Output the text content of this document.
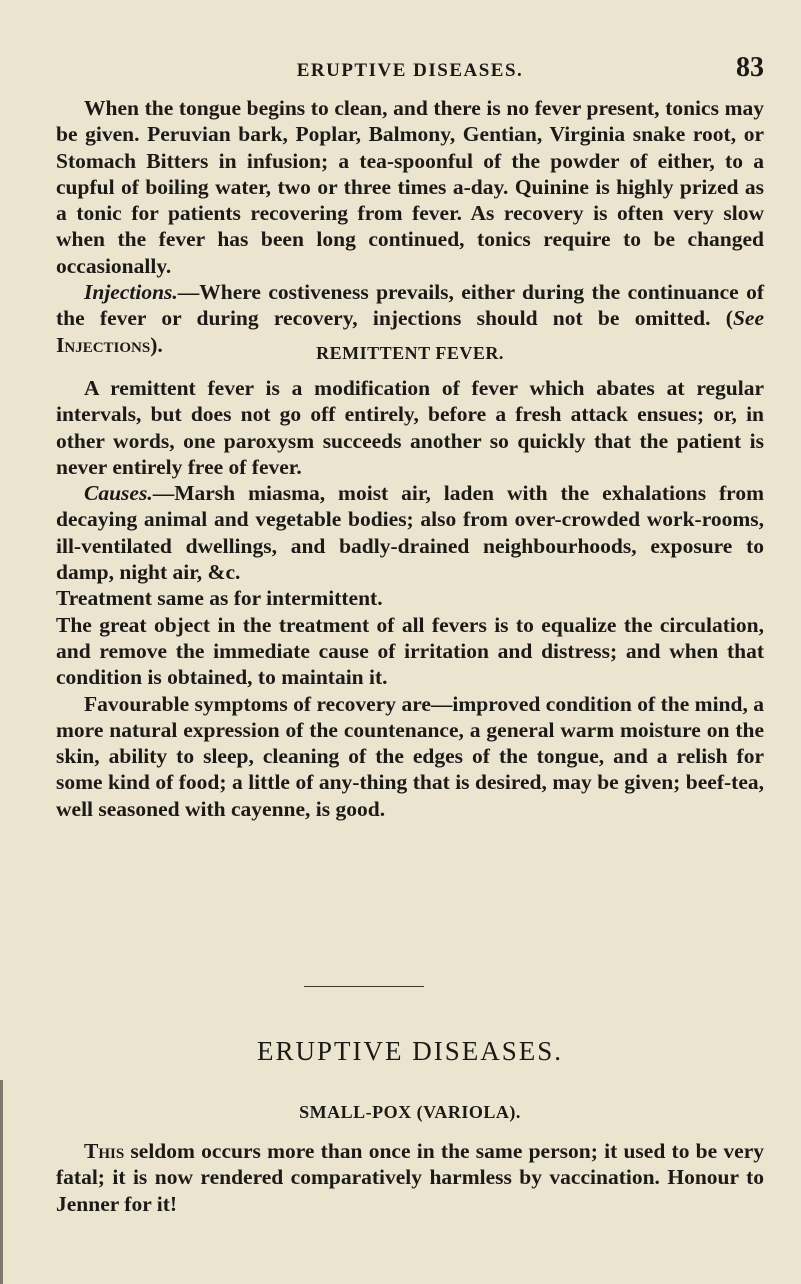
ERUPTIVE DISEASES.	83

When the tongue begins to clean, and there is no fever present, tonics may be given. Peruvian bark, Poplar, Balmony, Gentian, Virginia snake root, or Stomach Bitters in infusion; a tea-spoonful of the powder of either, to a cupful of boiling water, two or three times a-day. Quinine is highly prized as a tonic for patients recovering from fever. As recovery is often very slow when the fever has been long continued, tonics require to be changed occasionally.

Injections.—Where costiveness prevails, either during the continuance of the fever or during recovery, injections should not be omitted. (See Injections).	REMITTENT FEVER.

A remittent fever is a modification of fever which abates at regular intervals, but does not go off entirely, before a fresh attack ensues; or, in other words, one paroxysm succeeds another so quickly that the patient is never entirely free of fever.

Causes.—Marsh miasma, moist air, laden with the exhalations from decaying animal and vegetable bodies; also from over-crowded work-rooms, ill-ventilated dwellings, and badly-drained neighbourhoods, exposure to damp, night air, &c.

Treatment same as for intermittent.

The great object in the treatment of all fevers is to equalize the circulation, and remove the immediate cause of irritation and distress; and when that condition is obtained, to maintain it.

Favourable symptoms of recovery are—improved condition of the mind, a more natural expression of the countenance, a general warm moisture on the skin, ability to sleep, cleaning of the edges of the tongue, and a relish for some kind of food; a little of any-thing that is desired, may be given; beef-tea, well seasoned with cayenne, is good.

ERUPTIVE DISEASES.

SMALL-POX (VARIOLA).

This seldom occurs more than once in the same person; it used to be very fatal; it is now rendered comparatively harmless by vaccination. Honour to Jenner for it!
